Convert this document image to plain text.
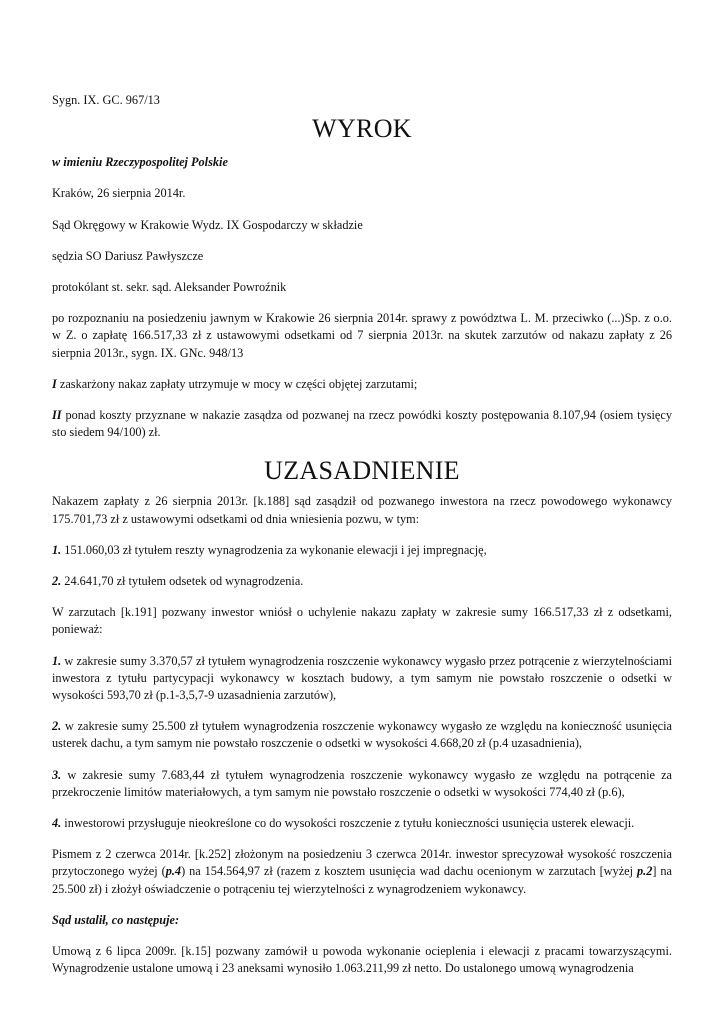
Sygn. IX. GC. 967/13

WYROK

w imieniu Rzeczypospolitej Polskie

Kraków, 26 sierpnia 2014r.

Sąd Okręgowy w Krakowie Wydz. IX Gospodarczy w składzie

sędzia SO Dariusz Pawłyszcze

protokólant st. sekr. sąd. Aleksander Powroźnik

po rozpoznaniu na posiedzeniu jawnym w Krakowie 26 sierpnia 2014r. sprawy z powództwa L. M. przeciwko (...)Sp. z o.o. w Z. o zapłatę 166.517,33 zł z ustawowymi odsetkami od 7 sierpnia 2013r. na skutek zarzutów od nakazu zapłaty z 26 sierpnia 2013r., sygn. IX. GNc. 948/13

I zaskarżony nakaz zapłaty utrzymuje w mocy w części objętej zarzutami;

II ponad koszty przyznane w nakazie zasądza od pozwanej na rzecz powódki koszty postępowania 8.107,94 (osiem tysięcy sto siedem 94/100) zł.

UZASADNIENIE

Nakazem zapłaty z 26 sierpnia 2013r. [k.188] sąd zasądził od pozwanego inwestora na rzecz powodowego wykonawcy 175.701,73 zł z ustawowymi odsetkami od dnia wniesienia pozwu, w tym:

1. 151.060,03 zł tytułem reszty wynagrodzenia za wykonanie elewacji i jej impregnację,

2. 24.641,70 zł tytułem odsetek od wynagrodzenia.

W zarzutach [k.191] pozwany inwestor wniósł o uchylenie nakazu zapłaty w zakresie sumy 166.517,33 zł z odsetkami, ponieważ:

1. w zakresie sumy 3.370,57 zł tytułem wynagrodzenia roszczenie wykonawcy wygasło przez potrącenie z wierzytelnościami inwestora z tytułu partycypacji wykonawcy w kosztach budowy, a tym samym nie powstało roszczenie o odsetki w wysokości 593,70 zł (p.1-3,5,7-9 uzasadnienia zarzutów),

2. w zakresie sumy 25.500 zł tytułem wynagrodzenia roszczenie wykonawcy wygasło ze względu na konieczność usunięcia usterek dachu, a tym samym nie powstało roszczenie o odsetki w wysokości 4.668,20 zł (p.4 uzasadnienia),

3. w zakresie sumy 7.683,44 zł tytułem wynagrodzenia roszczenie wykonawcy wygasło ze względu na potrącenie za przekroczenie limitów materiałowych, a tym samym nie powstało roszczenie o odsetki w wysokości 774,40 zł (p.6),

4. inwestorowi przysługuje nieokreślone co do wysokości roszczenie z tytułu konieczności usunięcia usterek elewacji.

Pismem z 2 czerwca 2014r. [k.252] złożonym na posiedzeniu 3 czerwca 2014r. inwestor sprecyzował wysokość roszczenia przytoczonego wyżej (p.4) na 154.564,97 zł (razem z kosztem usunięcia wad dachu ocenionym w zarzutach [wyżej p.2] na 25.500 zł) i złożył oświadczenie o potrąceniu tej wierzytelności z wynagrodzeniem wykonawcy.

Sąd ustalił, co następuje:

Umową z 6 lipca 2009r. [k.15] pozwany zamówił u powoda wykonanie ocieplenia i elewacji z pracami towarzyszącymi. Wynagrodzenie ustalone umową i 23 aneksami wynosiło 1.063.211,99 zł netto. Do ustalonego umową wynagrodzenia
